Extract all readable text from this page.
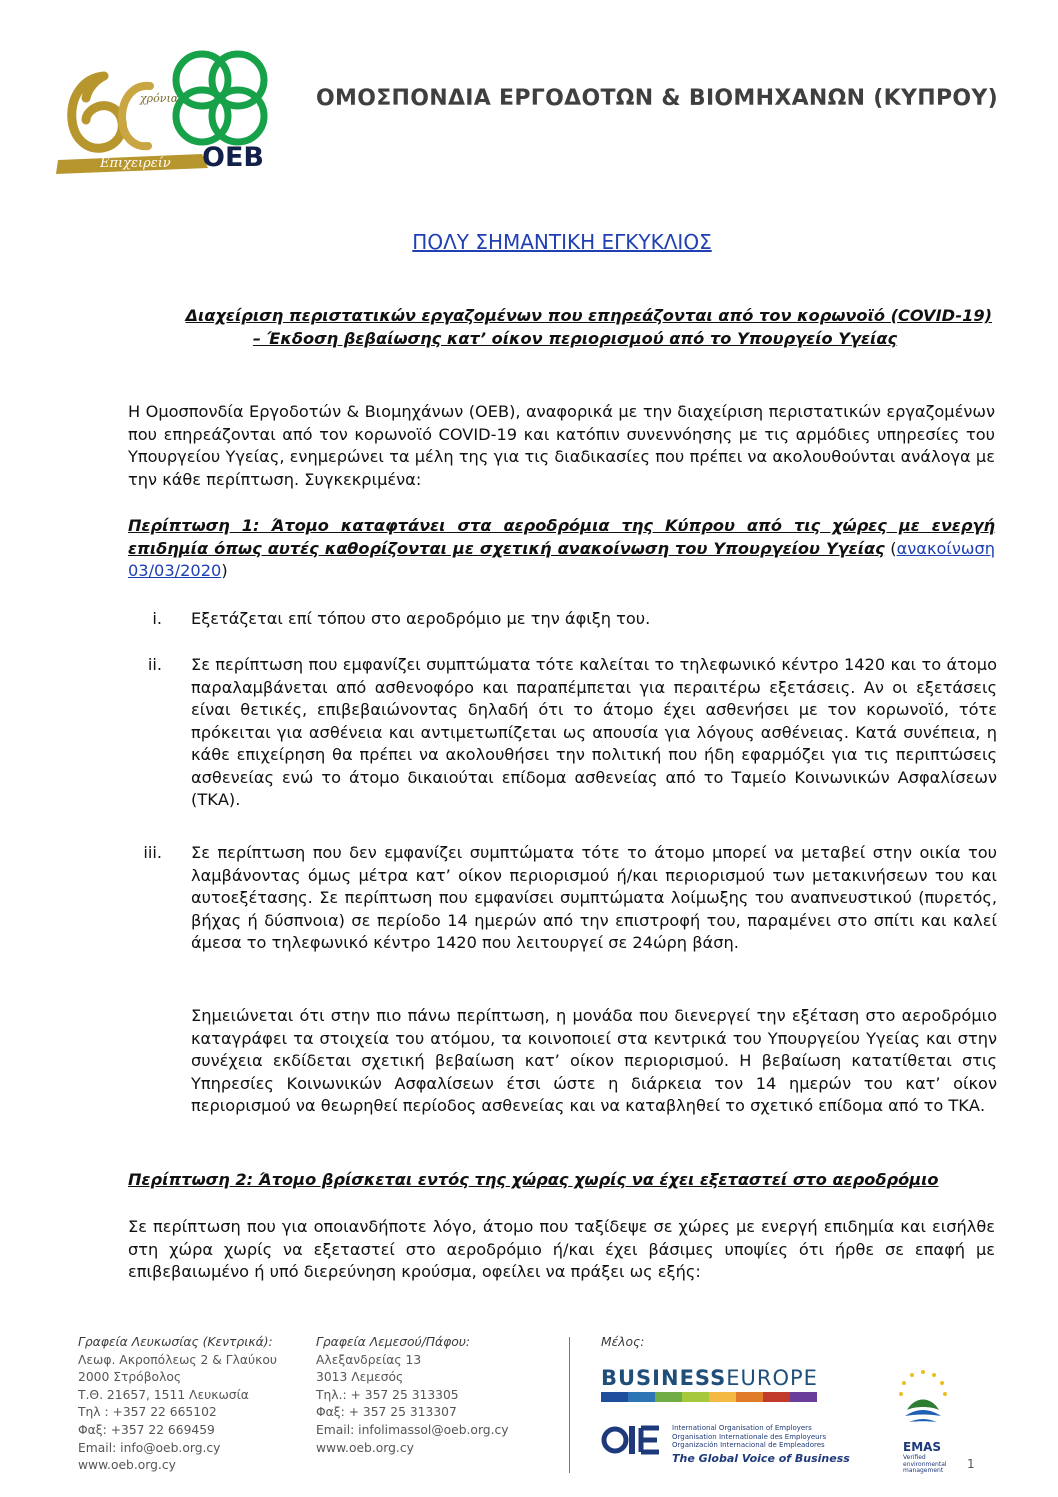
χρόνια
Επιχειρείν OEB
ΟΜΟΣΠΟΝΔΙΑ ΕΡΓΟΔΟΤΩΝ & ΒΙΟΜΗΧΑΝΩΝ (ΚΥΠΡΟΥ)
ΠΟΛΥ ΣΗΜΑΝΤΙΚΗ ΕΓΚΥΚΛΙΟΣ
Διαχείριση περιστατικών εργαζομένων που επηρεάζονται από τον κορωνοϊό (COVID-19)
– Έκδοση βεβαίωσης κατ’ οίκον περιορισμού από το Υπουργείο Υγείας
Η Ομοσπονδία Εργοδοτών & Βιομηχάνων (ΟΕΒ), αναφορικά με την διαχείριση περιστατικών εργαζομένων που επηρεάζονται από τον κορωνοϊό COVID-19 και κατόπιν συνεννόησης με τις αρμόδιες υπηρεσίες του Υπουργείου Υγείας, ενημερώνει τα μέλη της για τις διαδικασίες που πρέπει να ακολουθούνται ανάλογα με την κάθε περίπτωση. Συγκεκριμένα:
Περίπτωση 1: Άτομο καταφτάνει στα αεροδρόμια της Κύπρου από τις χώρες με ενεργή επιδημία όπως αυτές καθορίζονται με σχετική ανακοίνωση του Υπουργείου Υγείας (ανακοίνωση 03/03/2020)
i. Εξετάζεται επί τόπου στο αεροδρόμιο με την άφιξη του.
ii. Σε περίπτωση που εμφανίζει συμπτώματα τότε καλείται το τηλεφωνικό κέντρο 1420 και το άτομο παραλαμβάνεται από ασθενοφόρο και παραπέμπεται για περαιτέρω εξετάσεις. Αν οι εξετάσεις είναι θετικές, επιβεβαιώνοντας δηλαδή ότι το άτομο έχει ασθενήσει με τον κορωνοϊό, τότε πρόκειται για ασθένεια και αντιμετωπίζεται ως απουσία για λόγους ασθένειας. Κατά συνέπεια, η κάθε επιχείρηση θα πρέπει να ακολουθήσει την πολιτική που ήδη εφαρμόζει για τις περιπτώσεις ασθενείας ενώ το άτομο δικαιούται επίδομα ασθενείας από το Ταμείο Κοινωνικών Ασφαλίσεων (ΤΚΑ).
iii. Σε περίπτωση που δεν εμφανίζει συμπτώματα τότε το άτομο μπορεί να μεταβεί στην οικία του λαμβάνοντας όμως μέτρα κατ’ οίκον περιορισμού ή/και περιορισμού των μετακινήσεων του και αυτοεξέτασης. Σε περίπτωση που εμφανίσει συμπτώματα λοίμωξης του αναπνευστικού (πυρετός, βήχας ή δύσπνοια) σε περίοδο 14 ημερών από την επιστροφή του, παραμένει στο σπίτι και καλεί άμεσα το τηλεφωνικό κέντρο 1420 που λειτουργεί σε 24ώρη βάση.
Σημειώνεται ότι στην πιο πάνω περίπτωση, η μονάδα που διενεργεί την εξέταση στο αεροδρόμιο καταγράφει τα στοιχεία του ατόμου, τα κοινοποιεί στα κεντρικά του Υπουργείου Υγείας και στην συνέχεια εκδίδεται σχετική βεβαίωση κατ’ οίκον περιορισμού. Η βεβαίωση κατατίθεται στις Υπηρεσίες Κοινωνικών Ασφαλίσεων έτσι ώστε η διάρκεια τον 14 ημερών του κατ’ οίκον περιορισμού να θεωρηθεί περίοδος ασθενείας και να καταβληθεί το σχετικό επίδομα από το ΤΚΑ.
Περίπτωση 2: Άτομο βρίσκεται εντός της χώρας χωρίς να έχει εξεταστεί στο αεροδρόμιο
Σε περίπτωση που για οποιανδήποτε λόγο, άτομο που ταξίδεψε σε χώρες με ενεργή επιδημία και εισήλθε στη χώρα χωρίς να εξεταστεί στο αεροδρόμιο ή/και έχει βάσιμες υποψίες ότι ήρθε σε επαφή με επιβεβαιωμένο ή υπό διερεύνηση κρούσμα, οφείλει να πράξει ως εξής:
Γραφεία Λευκωσίας (Κεντρικά):
Λεωφ. Ακροπόλεως 2 & Γλαύκου
2000 Στρόβολος
Τ.Θ. 21657, 1511 Λευκωσία
Τηλ : +357 22 665102
Φαξ: +357 22 669459
Email: info@oeb.org.cy
www.oeb.org.cy
Γραφεία Λεμεσού/Πάφου:
Αλεξανδρείας 13
3013 Λεμεσός
Τηλ.: + 357 25 313305
Φαξ: + 357 25 313307
Email: infolimassol@oeb.org.cy
www.oeb.org.cy
Μέλος:
BUSINESSEUROPE
International Organisation of Employers
Organisation Internationale des Employeurs
Organización Internacional de Empleadores
The Global Voice of Business
EMAS
Verified
environmental
management 1
